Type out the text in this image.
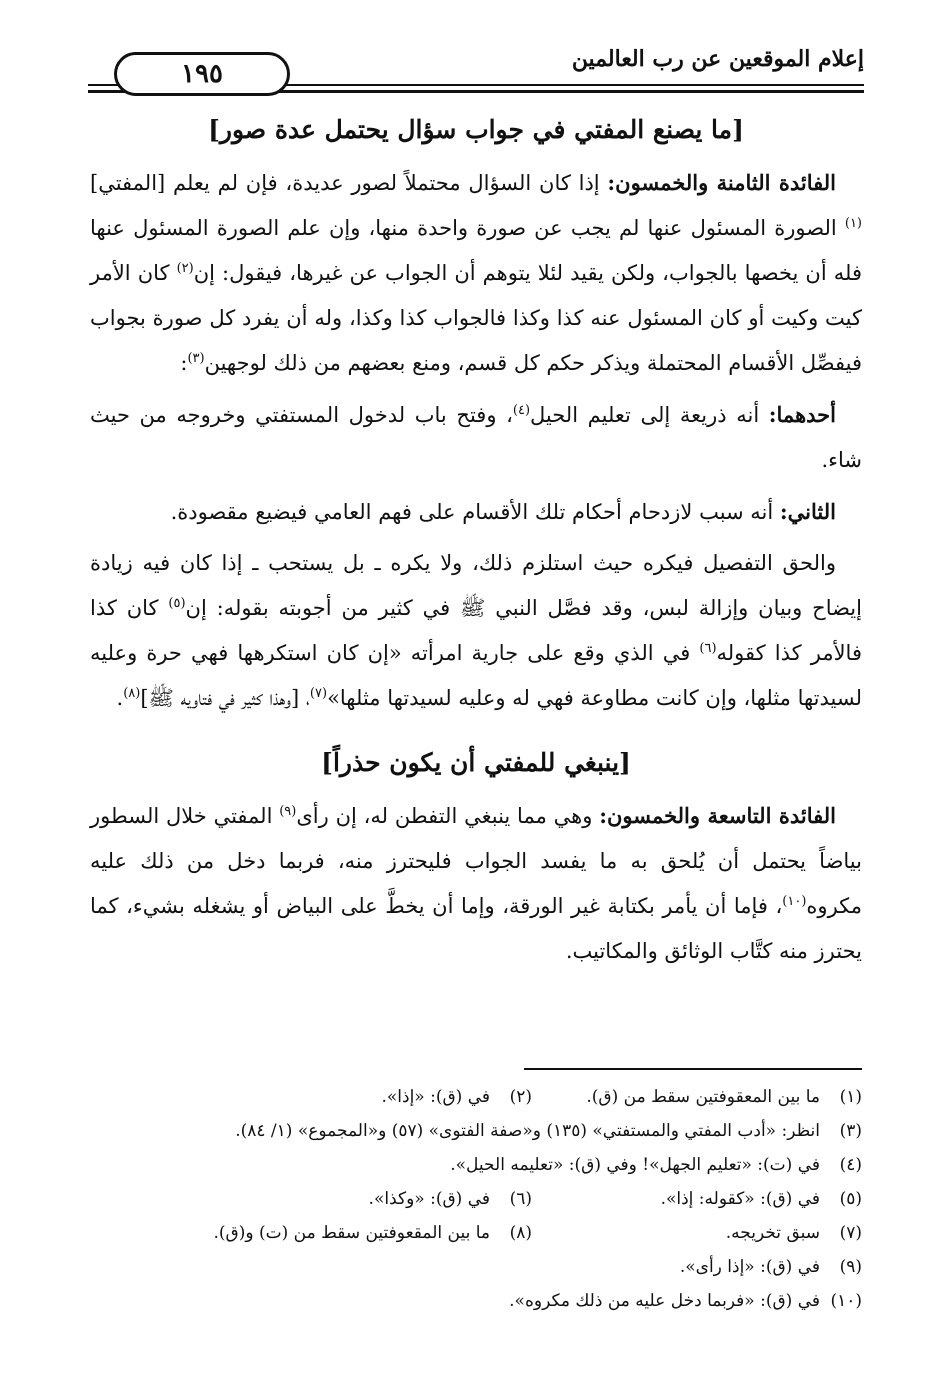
إعلام الموقعين عن رب العالمين
١٩٥
[ما يصنع المفتي في جواب سؤال يحتمل عدة صور]

الفائدة الثامنة والخمسون: إذا كان السؤال محتملاً لصور عديدة، فإن لم يعلم [المفتي]$^{(١)}$ الصورة المسئول عنها لم يجب عن صورة واحدة منها، وإن علم الصورة المسئول عنها فله أن يخصها بالجواب، ولكن يقيد لئلا يتوهم أن الجواب عن غيرها، فيقول: إن$^{(٢)}$ كان الأمر كيت وكيت أو كان المسئول عنه كذا وكذا فالجواب كذا وكذا، وله أن يفرد كل صورة بجواب فيفصِّل الأقسام المحتملة ويذكر حكم كل قسم، ومنع بعضهم من ذلك لوجهين$^{(٣)}$:

أحدهما: أنه ذريعة إلى تعليم الحيل$^{(٤)}$، وفتح باب لدخول المستفتي وخروجه من حيث شاء.

الثاني: أنه سبب لازدحام أحكام تلك الأقسام على فهم العامي فيضيع مقصودة.

والحق التفصيل فيكره حيث استلزم ذلك، ولا يكره ـ بل يستحب ـ إذا كان فيه زيادة إيضاح وبيان وإزالة لبس، وقد فصَّل النبي ﷺ في كثير من أجوبته بقوله: إن$^{(٥)}$ كان كذا فالأمر كذا كقوله$^{(٦)}$ في الذي وقع على جارية امرأته «إن كان استكرهها فهي حرة وعليه لسيدتها مثلها، وإن كانت مطاوعة فهي له وعليه لسيدتها مثلها»$^{(٧)}$، [وهذا كثير في فتاويه ﷺ]$^{(٨)}$.

[ينبغي للمفتي أن يكون حذراً]

الفائدة التاسعة والخمسون: وهي مما ينبغي التفطن له، إن رأى$^{(٩)}$ المفتي خلال السطور بياضاً يحتمل أن يُلحق به ما يفسد الجواب فليحترز منه، فربما دخل من ذلك عليه مكروه$^{(١٠)}$، فإما أن يأمر بكتابة غير الورقة، وإما أن يخطَّ على البياض أو يشغله بشيء، كما يحترز منه كتَّاب الوثائق والمكاتيب.

(١)ما بين المعقوفتين سقط من (ق).
(٢)في (ق): «إذا».
(٣)انظر: «أدب المفتي والمستفتي» (١٣٥) و«صفة الفتوى» (٥٧) و«المجموع» (١/ ٨٤).
(٤)في (ت): «تعليم الجهل»! وفي (ق): «تعليمه الحيل».
(٥)في (ق): «كقوله: إذا».
(٦)في (ق): «وكذا».
(٧)سبق تخريجه.
(٨)ما بين المقعوفتين سقط من (ت) و(ق).
(٩)في (ق): «إذا رأى».
(١٠)في (ق): «فربما دخل عليه من ذلك مكروه».
